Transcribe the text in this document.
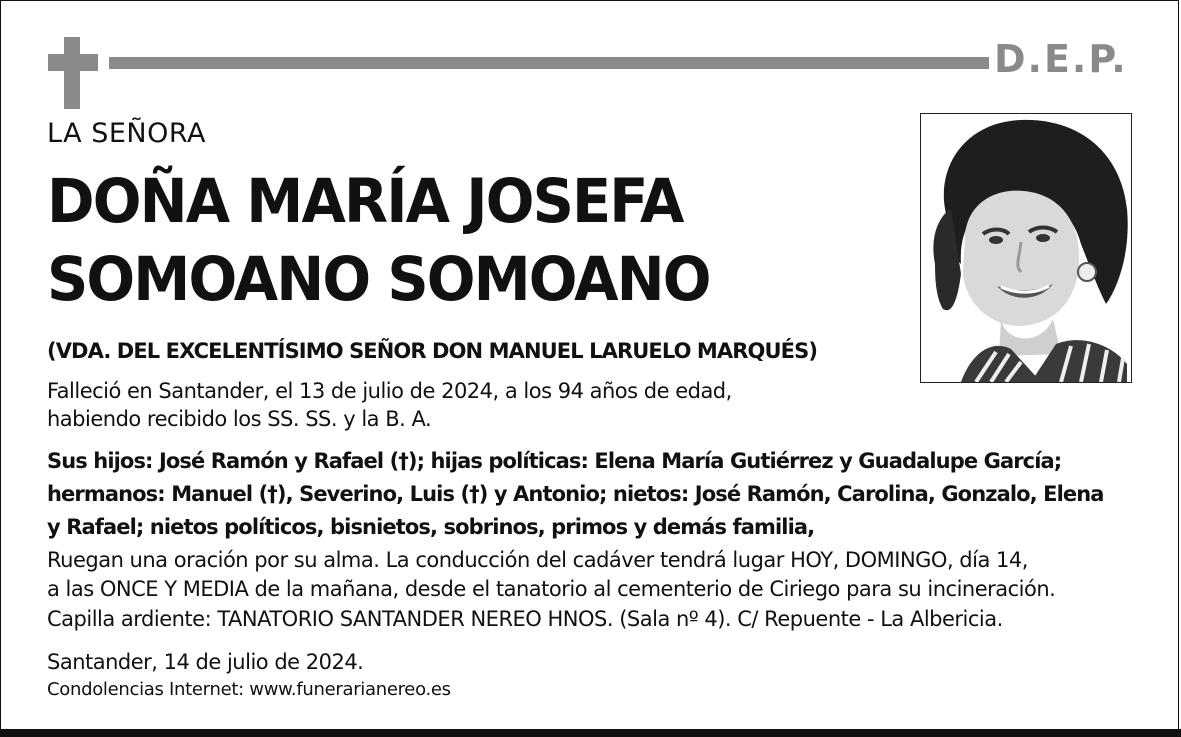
D.E.P.
LA SEÑORA
DOÑA MARÍA JOSEFA
SOMOANO SOMOANO
(VDA. DEL EXCELENTÍSIMO SEÑOR DON MANUEL LARUELO MARQUÉS)
Falleció en Santander, el 13 de julio de 2024, a los 94 años de edad,
habiendo recibido los SS. SS. y la B. A.
Sus hijos: José Ramón y Rafael (†); hijas políticas: Elena María Gutiérrez y Guadalupe García;
hermanos: Manuel (†), Severino, Luis (†) y Antonio; nietos: José Ramón, Carolina, Gonzalo, Elena
y Rafael; nietos políticos, bisnietos, sobrinos, primos y demás familia,
Ruegan una oración por su alma. La conducción del cadáver tendrá lugar HOY, DOMINGO, día 14,
a las ONCE Y MEDIA de la mañana, desde el tanatorio al cementerio de Ciriego para su incineración.
Capilla ardiente: TANATORIO SANTANDER NEREO HNOS. (Sala nº 4). C/ Repuente - La Albericia.
Santander, 14 de julio de 2024.
Condolencias Internet: www.funerarianereo.es
